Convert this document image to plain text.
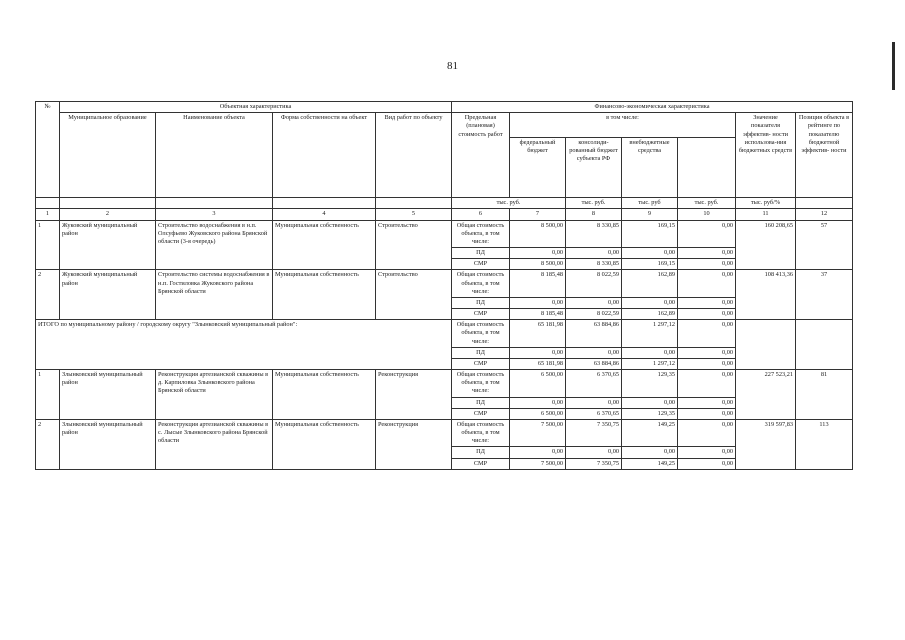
81
№	Объектная характеристика				Финансово-экономическая характеристика						
	Муниципальное образование	Наименование объекта	Форма собственности на объект	Вид работ по объекту	Предельная (плановая) стоимость работ	в том числе:				Значение показателя эффектив- ности использова-ния бюджетных средств	Позиция объекта в рейтинге по показателю бюджетной эффектив- ности
						федеральный бюджет	консолиди- рованный бюджет субъекта РФ	внебюджетные средства			
					тыс. руб.		тыс. руб.	тыс. руб	тыс. руб.	тыс. руб/%	
1	2	3	4	5	6	7	8	9	10	11	12
1	Жуковский муниципальный район	Строительство водоснабжения в н.п. Олсуфьево Жуковского района Брянской области (3-я очередь)	Муниципальная собственность	Строительство	Общая стоимость объекта, в том числе:	8 500,00	8 330,85	169,15	0,00	160 208,65	57
					ПД	0,00	0,00	0,00	0,00		
					СМР	8 500,00	8 330,85	169,15	0,00		
2	Жуковский муниципальный район	Строительство системы водоснабжения в н.п. Гостиловка Жуковского района Брянской области	Муниципальная собственность	Строительство	Общая стоимость объекта, в том числе:	8 185,48	8 022,59	162,89	0,00	108 413,36	37
					ПД	0,00	0,00	0,00	0,00		
					СМР	8 185,48	8 022,59	162,89	0,00		
ИТОГО по муниципальному району / городскому округу "Злынковский муниципальный район":					Общая стоимость объекта, в том числе:	65 181,98	63 884,86	1 297,12	0,00		
					ПД	0,00	0,00	0,00	0,00		
					СМР	65 181,98	63 884,86	1 297,12	0,00		
1	Злынковский муниципальный район	Реконструкция артезианской скважины в д. Карпиловка Злынковского района Брянской области	Муниципальная собственность	Реконструкция	Общая стоимость объекта, в том числе:	6 500,00	6 370,65	129,35	0,00	227 523,21	81
					ПД	0,00	0,00	0,00	0,00		
					СМР	6 500,00	6 370,65	129,35	0,00		
2	Злынковский муниципальный район	Реконструкция артезианской скважины в с. Лысые Злынковского района Брянской области	Муниципальная собственность	Реконструкция	Общая стоимость объекта, в том числе:	7 500,00	7 350,75	149,25	0,00	319 597,83	113
					ПД	0,00	0,00	0,00	0,00		
					СМР	7 500,00	7 350,75	149,25	0,00		
